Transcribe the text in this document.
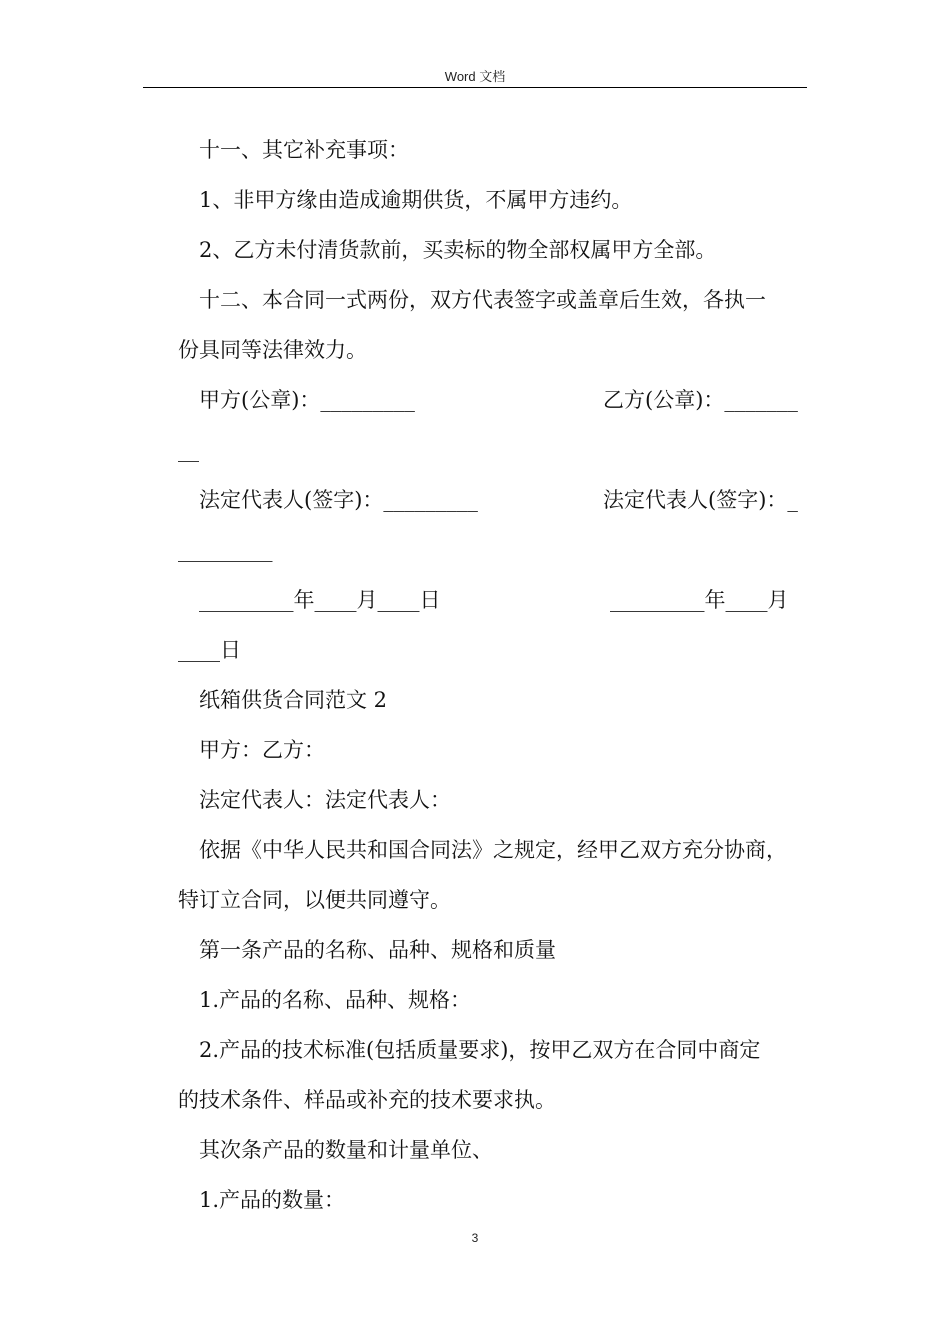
Word 文档
十一、其它补充事项：
1、非甲方缘由造成逾期供货，不属甲方违约。
2、乙方未付清货款前，买卖标的物全部权属甲方全部。
十二、本合同一式两份，双方代表签字或盖章后生效，各执一
份具同等法律效力。
甲方(公章)：_________	乙方(公章)：_______
__
法定代表人(签字)：_________	法定代表人(签字)：_
_________
_________年____月____日	_________年____月
____日
纸箱供货合同范文 2
甲方：乙方：
法定代表人：法定代表人：
依据《中华人民共和国合同法》之规定，经甲乙双方充分协商，
特订立合同，以便共同遵守。
第一条产品的名称、品种、规格和质量
1.产品的名称、品种、规格：
2.产品的技术标准(包括质量要求)，按甲乙双方在合同中商定
的技术条件、样品或补充的技术要求执。
其次条产品的数量和计量单位、
1.产品的数量：
3
